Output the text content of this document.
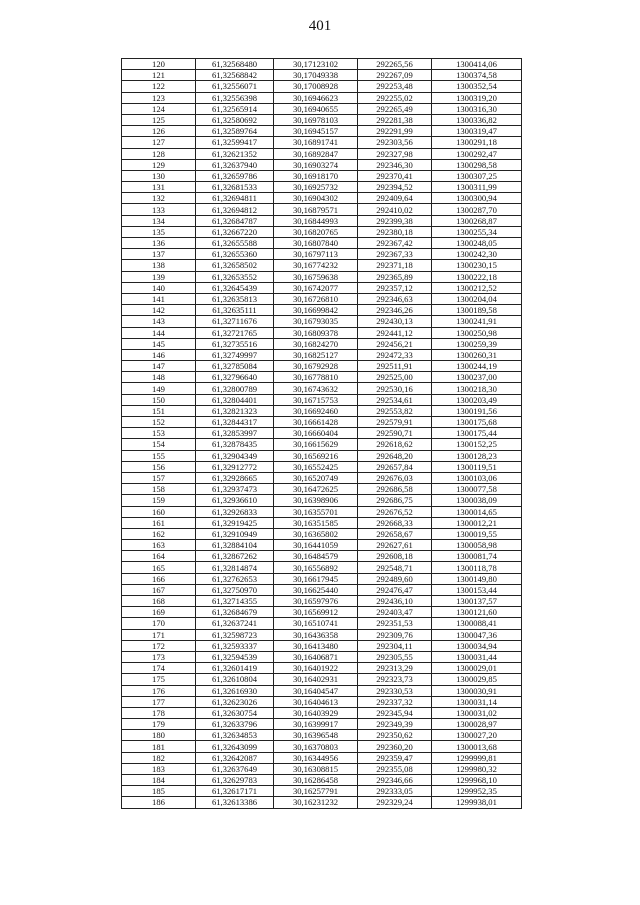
401
120	61,32568480	30,17123102	292265,56	1300414,06
121	61,32568842	30,17049338	292267,09	1300374,58
122	61,32556071	30,17008928	292253,48	1300352,54
123	61,32556398	30,16946623	292255,02	1300319,20
124	61,32565914	30,16940655	292265,49	1300316,30
125	61,32580692	30,16978103	292281,38	1300336,82
126	61,32589764	30,16945157	292291,99	1300319,47
127	61,32599417	30,16891741	292303,56	1300291,18
128	61,32621352	30,16892847	292327,98	1300292,47
129	61,32637940	30,16903274	292346,30	1300298,58
130	61,32659786	30,16918170	292370,41	1300307,25
131	61,32681533	30,16925732	292394,52	1300311,99
132	61,32694811	30,16904302	292409,64	1300300,94
133	61,32694812	30,16879571	292410,02	1300287,70
134	61,32684787	30,16844993	292399,38	1300268,87
135	61,32667220	30,16820765	292380,18	1300255,34
136	61,32655588	30,16807840	292367,42	1300248,05
137	61,32655360	30,16797113	292367,33	1300242,30
138	61,32658502	30,16774232	292371,18	1300230,15
139	61,32653552	30,16759638	292365,89	1300222,18
140	61,32645439	30,16742077	292357,12	1300212,52
141	61,32635813	30,16726810	292346,63	1300204,04
142	61,32635111	30,16699842	292346,26	1300189,58
143	61,32711676	30,16793035	292430,13	1300241,91
144	61,32721765	30,16809378	292441,12	1300250,98
145	61,32735516	30,16824270	292456,21	1300259,39
146	61,32749997	30,16825127	292472,33	1300260,31
147	61,32785084	30,16792928	292511,91	1300244,19
148	61,32796640	30,16778810	292525,00	1300237,00
149	61,32800789	30,16743632	292530,16	1300218,30
150	61,32804401	30,16715753	292534,61	1300203,49
151	61,32821323	30,16692460	292553,82	1300191,56
152	61,32844317	30,16661428	292579,91	1300175,68
153	61,32853997	30,16660404	292590,71	1300175,44
154	61,32878435	30,16615629	292618,62	1300152,25
155	61,32904349	30,16569216	292648,20	1300128,23
156	61,32912772	30,16552425	292657,84	1300119,51
157	61,32928665	30,16520749	292676,03	1300103,06
158	61,32937473	30,16472625	292686,58	1300077,58
159	61,32936610	30,16398906	292686,75	1300038,09
160	61,32926833	30,16355701	292676,52	1300014,65
161	61,32919425	30,16351585	292668,33	1300012,21
162	61,32910949	30,16365802	292658,67	1300019,55
163	61,32884104	30,16441059	292627,61	1300058,98
164	61,32867262	30,16484579	292608,18	1300081,74
165	61,32814874	30,16556892	292548,71	1300118,78
166	61,32762653	30,16617945	292489,60	1300149,80
167	61,32750970	30,16625440	292476,47	1300153,44
168	61,32714355	30,16597976	292436,10	1300137,57
169	61,32684679	30,16569912	292403,47	1300121,60
170	61,32637241	30,16510741	292351,53	1300088,41
171	61,32598723	30,16436358	292309,76	1300047,36
172	61,32593337	30,16413480	292304,11	1300034,94
173	61,32594539	30,16406871	292305,55	1300031,44
174	61,32601419	30,16401922	292313,29	1300029,01
175	61,32610804	30,16402931	292323,73	1300029,85
176	61,32616930	30,16404547	292330,53	1300030,91
177	61,32623026	30,16404613	292337,32	1300031,14
178	61,32630754	30,16403929	292345,94	1300031,02
179	61,32633796	30,16399917	292349,39	1300028,97
180	61,32634853	30,16396548	292350,62	1300027,20
181	61,32643099	30,16370803	292360,20	1300013,68
182	61,32642087	30,16344956	292359,47	1299999,81
183	61,32637649	30,16308815	292355,08	1299980,32
184	61,32629783	30,16286458	292346,66	1299968,10
185	61,32617171	30,16257791	292333,05	1299952,35
186	61,32613386	30,16231232	292329,24	1299938,01
